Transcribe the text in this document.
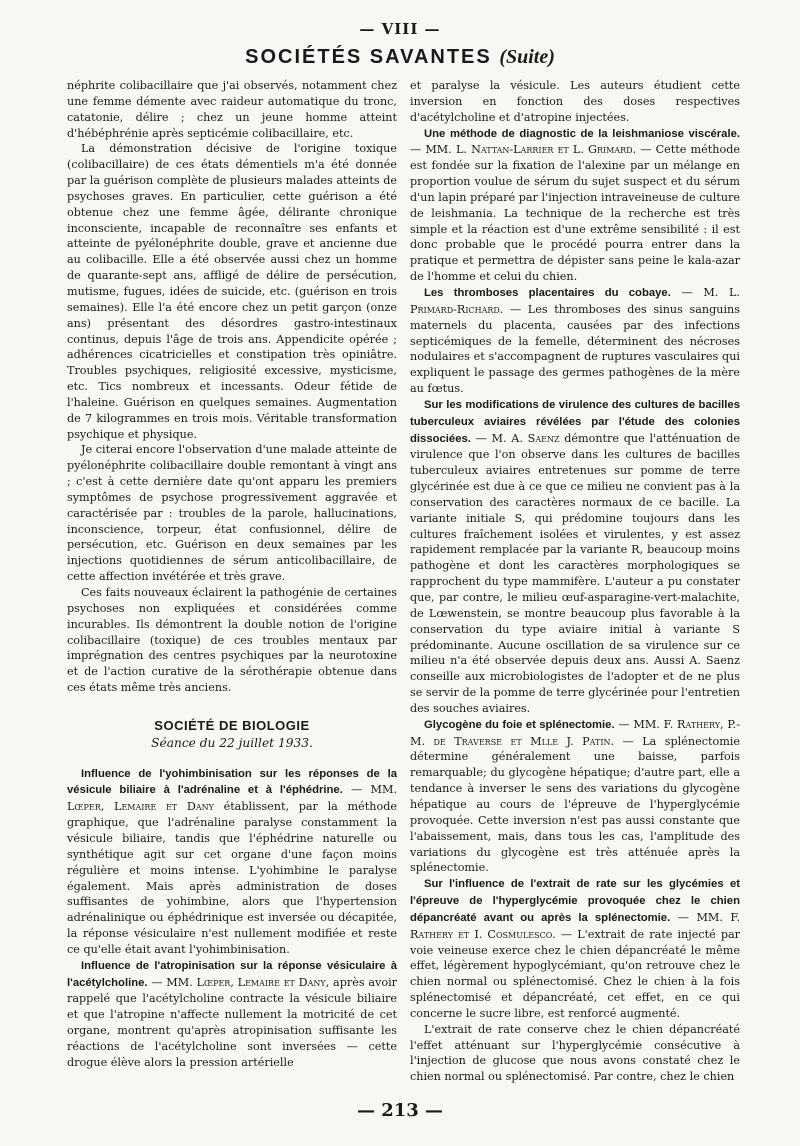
— VIII —
SOCIÉTÉS SAVANTES (Suite)

néphrite colibacillaire que j'ai observés, notamment chez une femme démente avec raideur automatique du tronc, catatonie, délire ; chez un jeune homme atteint d'hébéphrénie après septicémie colibacillaire, etc.

La démonstration décisive de l'origine toxique (colibacillaire) de ces états démentiels m'a été donnée par la guérison complète de plusieurs malades atteints de psychoses graves. En particulier, cette guérison a été obtenue chez une femme âgée, délirante chronique inconsciente, incapable de reconnaître ses enfants et atteinte de pyélonéphrite double, grave et ancienne due au colibacille. Elle a été observée aussi chez un homme de quarante-sept ans, affligé de délire de persécution, mutisme, fugues, idées de suicide, etc. (guérison en trois semaines). Elle l'a été encore chez un petit garçon (onze ans) présentant des désordres gastro-intestinaux continus, depuis l'âge de trois ans. Appendicite opérée ; adhérences cicatricielles et constipation très opiniâtre. Troubles psychiques, religiosité excessive, mysticisme, etc. Tics nombreux et incessants. Odeur fétide de l'haleine. Guérison en quelques semaines. Augmentation de 7 kilogrammes en trois mois. Véritable transformation psychique et physique.

Je citerai encore l'observation d'une malade atteinte de pyélonéphrite colibacillaire double remontant à vingt ans ; c'est à cette dernière date qu'ont apparu les premiers symptômes de psychose progressivement aggravée et caractérisée par : troubles de la parole, hallucinations, inconscience, torpeur, état confusionnel, délire de persécution, etc. Guérison en deux semaines par les injections quotidiennes de sérum anticolibacillaire, de cette affection invétérée et très grave.

Ces faits nouveaux éclairent la pathogénie de certaines psychoses non expliquées et considérées comme incurables. Ils démontrent la double notion de l'origine colibacillaire (toxique) de ces troubles mentaux par imprégnation des centres psychiques par la neurotoxine et de l'action curative de la sérothérapie obtenue dans ces états même très anciens.

SOCIÉTÉ DE BIOLOGIE
Séance du 22 juillet 1933.

Influence de l'yohimbinisation sur les réponses de la vésicule biliaire à l'adrénaline et à l'éphédrine. — MM. Lœper, Lemaire et Dany établissent, par la méthode graphique, que l'adrénaline paralyse constamment la vésicule biliaire, tandis que l'éphédrine naturelle ou synthétique agit sur cet organe d'une façon moins régulière et moins intense. L'yohimbine le paralyse également. Mais après administration de doses suffisantes de yohimbine, alors que l'hypertension adrénalinique ou éphédrinique est inversée ou décapitée, la réponse vésiculaire n'est nullement modifiée et reste ce qu'elle était avant l'yohimbinisation.

Influence de l'atropinisation sur la réponse vésiculaire à l'acétylcholine. — MM. Lœper, Lemaire et Dany, après avoir rappelé que l'acétylcholine contracte la vésicule biliaire et que l'atropine n'affecte nullement la motricité de cet organe, montrent qu'après atropinisation suffisante les réactions de l'acétylcholine sont inversées — cette drogue élève alors la pression artérielle

et paralyse la vésicule. Les auteurs étudient cette inversion en fonction des doses respectives d'acétylcholine et d'atropine injectées.

Une méthode de diagnostic de la leishmaniose viscérale. — MM. L. Nattan-Larrier et L. Grimard. — Cette méthode est fondée sur la fixation de l'alexine par un mélange en proportion voulue de sérum du sujet suspect et du sérum d'un lapin préparé par l'injection intraveineuse de culture de leishmania. La technique de la recherche est très simple et la réaction est d'une extrême sensibilité : il est donc probable que le procédé pourra entrer dans la pratique et permettra de dépister sans peine le kala-azar de l'homme et celui du chien.

Les thromboses placentaires du cobaye. — M. L. Primard-Richard. — Les thromboses des sinus sanguins maternels du placenta, causées par des infections septicémiques de la femelle, déterminent des nécroses nodulaires et s'accompagnent de ruptures vasculaires qui expliquent le passage des germes pathogènes de la mère au fœtus.

Sur les modifications de virulence des cultures de bacilles tuberculeux aviaires révélées par l'étude des colonies dissociées. — M. A. Saenz démontre que l'atténuation de virulence que l'on observe dans les cultures de bacilles tuberculeux aviaires entretenues sur pomme de terre glycérinée est due à ce que ce milieu ne convient pas à la conservation des caractères normaux de ce bacille. La variante initiale S, qui prédomine toujours dans les cultures fraîchement isolées et virulentes, y est assez rapidement remplacée par la variante R, beaucoup moins pathogène et dont les caractères morphologiques se rapprochent du type mammifère. L'auteur a pu constater que, par contre, le milieu œuf-asparagine-vert-malachite, de Lœwenstein, se montre beaucoup plus favorable à la conservation du type aviaire initial à variante S prédominante. Aucune oscillation de sa virulence sur ce milieu n'a été observée depuis deux ans. Aussi A. Saenz conseille aux microbiologistes de l'adopter et de ne plus se servir de la pomme de terre glycérinée pour l'entretien des souches aviaires.

Glycogène du foie et splénectomie. — MM. F. Rathery, P.-M. de Traverse et Mlle J. Patin. — La splénectomie détermine généralement une baisse, parfois remarquable; du glycogène hépatique; d'autre part, elle a tendance à inverser le sens des variations du glycogène hépatique au cours de l'épreuve de l'hyperglycémie provoquée. Cette inversion n'est pas aussi constante que l'abaissement, mais, dans tous les cas, l'amplitude des variations du glycogène est très atténuée après la splénectomie.

Sur l'influence de l'extrait de rate sur les glycémies et l'épreuve de l'hyperglycémie provoquée chez le chien dépancréaté avant ou après la splénectomie. — MM. F. Rathery et I. Cosmulesco. — L'extrait de rate injecté par voie veineuse exerce chez le chien dépancréaté le même effet, légèrement hypoglycémiant, qu'on retrouve chez le chien normal ou splénectomisé. Chez le chien à la fois splénectomisé et dépancréaté, cet effet, en ce qui concerne le sucre libre, est renforcé augmenté.

L'extrait de rate conserve chez le chien dépancréaté l'effet atténuant sur l'hyperglycémie consécutive à l'injection de glucose que nous avons constaté chez le chien normal ou splénectomisé. Par contre, chez le chien

— 213 —
